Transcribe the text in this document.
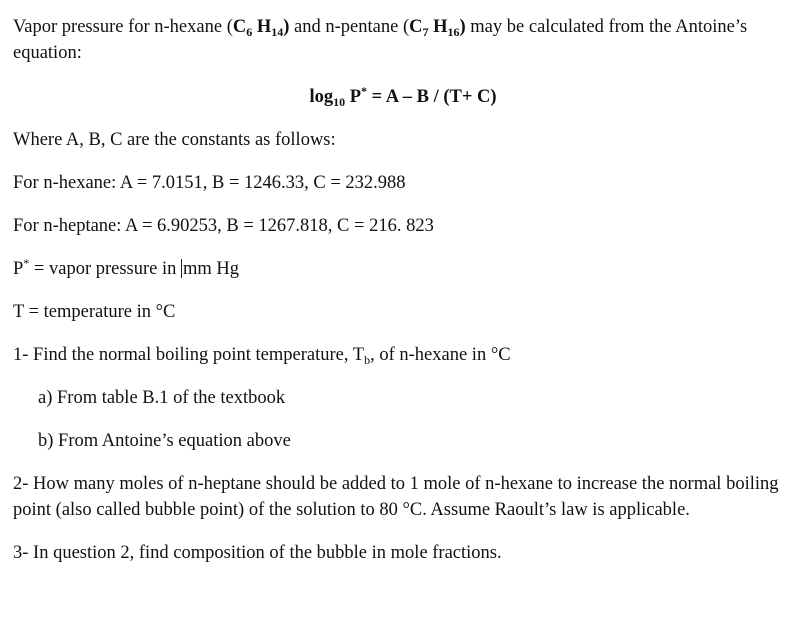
Vapor pressure for n-hexane ($C_6$ $H_{14}$) and n-pentane ($C_7$ $H_{16}$) may be calculated from the Antoine’s equation:

$\log_{10} P^* = A - B / (T+ C)$

Where A, B, C are the constants as follows:

For n-hexane: A = 7.0151, B = 1246.33, C = 232.988

For n-heptane: A = 6.90253, B = 1267.818, C = 216. 823

P* = vapor pressure in mm Hg

T = temperature in °C

1- Find the normal boiling point temperature, $T_b$, of n-hexane in °C

a) From table B.1 of the textbook

b) From Antoine’s equation above

2- How many moles of n-heptane should be added to 1 mole of n-hexane to increase the normal boiling point (also called bubble point) of the solution to 80 °C. Assume Raoult’s law is applicable.

3- In question 2, find composition of the bubble in mole fractions.
